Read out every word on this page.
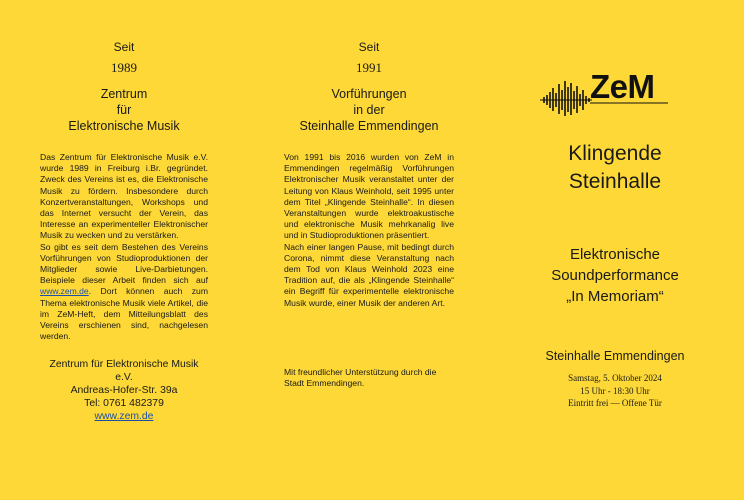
Seit
1989
Zentrum
für
Elektronische Musik

Das Zentrum für Elektronische Musik e.V. wurde 1989 in Freiburg i.Br. gegründet. Zweck des Vereins ist es, die Elektronische Musik zu fördern. Insbesondere durch Konzertveranstaltungen, Workshops und das Internet versucht der Verein, das Interesse an experimenteller Elektronischer Musik zu wecken und zu verstärken.

So gibt es seit dem Bestehen des Vereins Vorführungen von Studioproduktionen der Mitglieder sowie Live-Darbietungen. Beispiele dieser Arbeit finden sich auf www.zem.de. Dort können auch zum Thema elektronische Musik viele Artikel, die im ZeM-Heft, dem Mitteilungsblatt des Vereins erschienen sind, nachgelesen werden.

Zentrum für Elektronische Musik e.V.
Andreas-Hofer-Str. 39a
Tel: 0761 482379
www.zem.de
Seit
1991
Vorführungen
in der
Steinhalle Emmendingen

Von 1991 bis 2016 wurden von ZeM in Emmendingen regelmäßig Vorführungen Elektronischer Musik veranstaltet unter der Leitung von Klaus Weinhold, seit 1995 unter dem Titel „Klingende Steinhalle“. In diesen Veranstaltungen wurde elektroakustische und elektronische Musik mehrkanalig live und in Studioproduktionen präsentiert.

Nach einer langen Pause, mit bedingt durch Corona, nimmt diese Veranstaltung nach dem Tod von Klaus Weinhold 2023 eine Tradition auf, die als „Klingende Steinhalle“ ein Begriff für experimentelle elektronische Musik wurde, einer Musik der anderen Art.

Mit freundlicher Unterstützung durch die Stadt Emmendingen.
ZeM
Klingende
Steinhalle
Elektronische
Soundperformance
„In Memoriam“
Steinhalle Emmendingen
Samstag, 5. Oktober 2024
15 Uhr - 18:30 Uhr
Eintritt frei — Offene Tür
